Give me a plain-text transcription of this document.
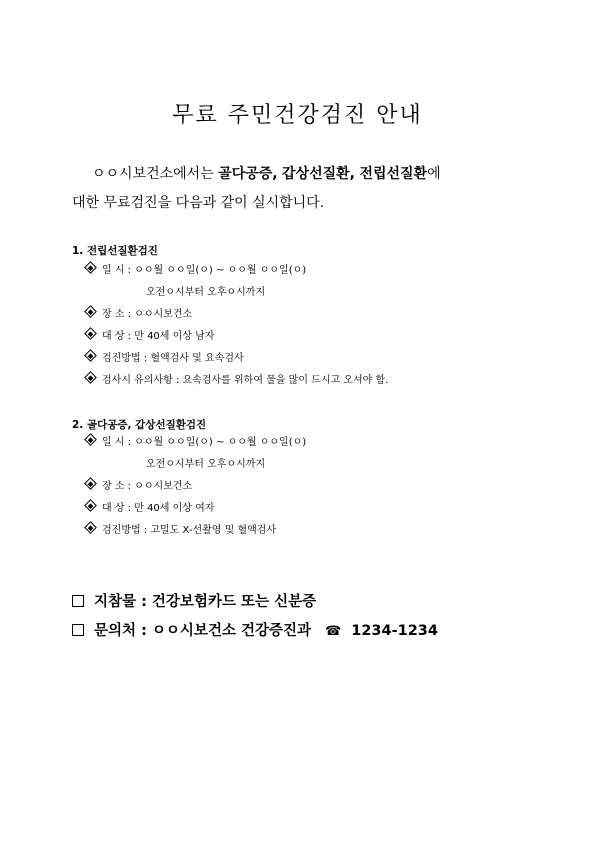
무료 주민건강검진 안내
ㅇㅇ시보건소에서는 골다공증, 갑상선질환, 전립선질환에
대한 무료검진을 다음과 같이 실시합니다.
1. 전립선질환검진
일 시 : ㅇㅇ월 ㅇㅇ일(ㅇ) ~ ㅇㅇ월 ㅇㅇ일(ㅇ)
오전ㅇ시부터 오후ㅇ시까지
장 소 : ㅇㅇ시보건소
대 상 : 만 40세 이상 남자
검진방법 : 혈액검사 및 요속검사
검사시 유의사항 : 요속검사를 위하여 물을 많이 드시고 오셔야 함.
2. 골다공증, 갑상선질환검진
일 시 : ㅇㅇ월 ㅇㅇ일(ㅇ) ~ ㅇㅇ월 ㅇㅇ일(ㅇ)
오전ㅇ시부터 오후ㅇ시까지
장 소 : ㅇㅇ시보건소
대 상 : 만 40세 이상 여자
검진방법 : 고밀도 X-선촬영 및 혈액검사
지참물 : 건강보험카드 또는 신분증
문의처 : ㅇㅇ시보건소 건강증진과 ☎ 1234-1234
